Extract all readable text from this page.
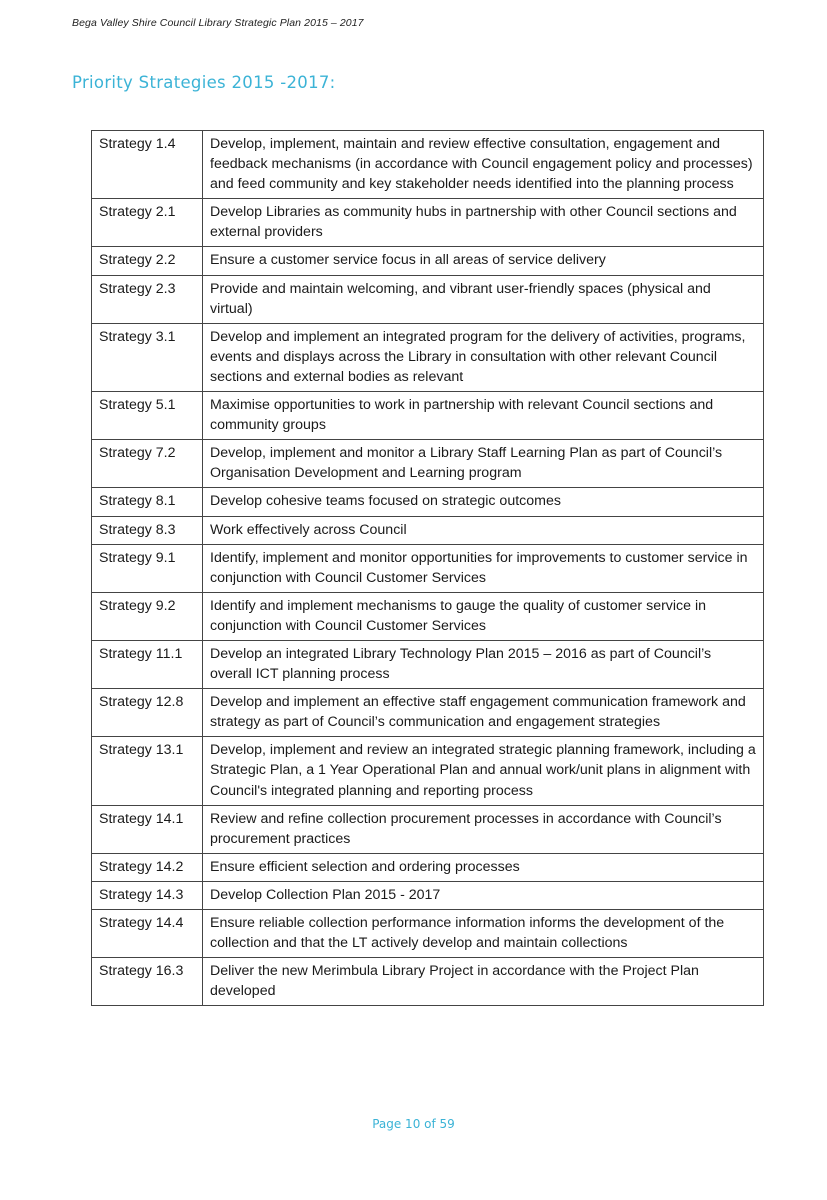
Bega Valley Shire Council Library Strategic Plan 2015 – 2017
Priority Strategies 2015 -2017:
Strategy 1.4	Develop, implement, maintain and review effective consultation, engagement and feedback mechanisms (in accordance with Council engagement policy and processes) and feed community and key stakeholder needs identified into the planning process
Strategy 2.1	Develop Libraries as community hubs in partnership with other Council sections and external providers
Strategy 2.2	Ensure a customer service focus in all areas of service delivery
Strategy 2.3	Provide and maintain welcoming, and vibrant user-friendly spaces (physical and virtual)
Strategy 3.1	Develop and implement an integrated program for the delivery of activities, programs, events and displays across the Library in consultation with other relevant Council sections and external bodies as relevant
Strategy 5.1	Maximise opportunities to work in partnership with relevant Council sections and community groups
Strategy 7.2	Develop, implement and monitor a Library Staff Learning Plan as part of Council’s Organisation Development and Learning program
Strategy 8.1	Develop cohesive teams focused on strategic outcomes
Strategy 8.3	Work effectively across Council
Strategy 9.1	Identify, implement and monitor opportunities for improvements to customer service in conjunction with Council Customer Services
Strategy 9.2	Identify and implement mechanisms to gauge the quality of customer service in conjunction with Council Customer Services
Strategy 11.1	Develop an integrated Library Technology Plan 2015 – 2016 as part of Council’s overall ICT planning process
Strategy 12.8	Develop and implement an effective staff engagement communication framework and strategy as part of Council’s communication and engagement strategies
Strategy 13.1	Develop, implement and review an integrated strategic planning framework, including a Strategic Plan, a 1 Year Operational Plan and annual work/unit plans in alignment with Council's integrated planning and reporting process
Strategy 14.1	Review and refine collection procurement processes in accordance with Council’s procurement practices
Strategy 14.2	Ensure efficient selection and ordering processes
Strategy 14.3	Develop Collection Plan 2015 - 2017
Strategy 14.4	Ensure reliable collection performance information informs the development of the collection and that the LT actively develop and maintain collections
Strategy 16.3	Deliver the new Merimbula Library Project in accordance with the Project Plan developed
Page 10 of 59
